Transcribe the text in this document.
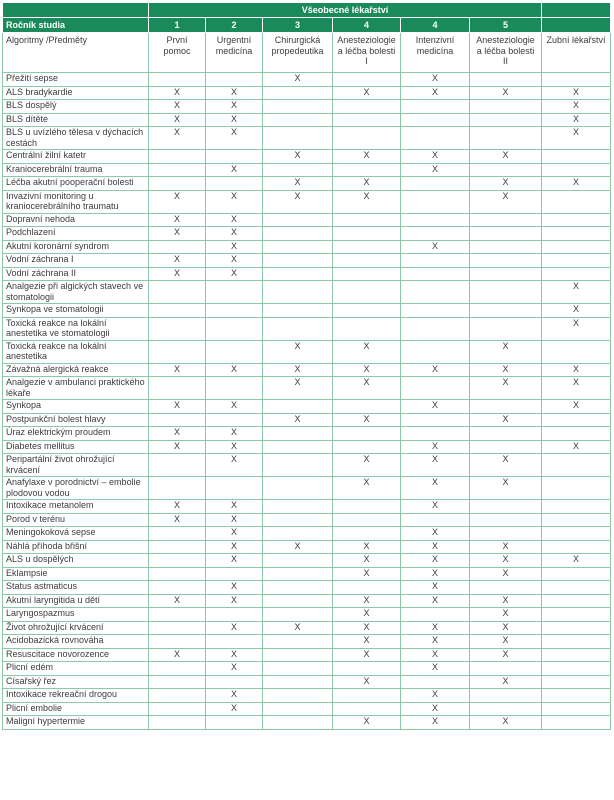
	Všeobecné lékařství						
Ročník studia	1	2	3	4	4	5	
Algoritmy /Předměty	První pomoc	Urgentní medicína	Chirurgická propedeutika	Anesteziologie a léčba bolesti I	Intenzivní medicína	Anesteziologie a léčba bolesti II	Zubní lékařství
Přežití sepse			X		X		
ALS bradykardie	X	X		X	X	X	X
BLS dospělý	X	X					X
BLS dítěte	X	X					X
BLS u uvízlého tělesa v dýchacích cestách	X	X					X
Centrální žilní katetr			X	X	X	X	
Kraniocerebrální trauma		X			X		
Léčba akutní pooperační bolesti			X	X		X	X
Invazivní monitoring u kraniocerebrálního traumatu	X	X	X	X		X	
Dopravní nehoda	X	X					
Podchlazení	X	X					
Akutní koronární syndrom		X			X		
Vodní záchrana I	X	X					
Vodní záchrana II	X	X					
Analgezie při algických stavech ve stomatologii							X
Synkopa ve stomatologii							X
Toxická reakce na lokální anestetika ve stomatologii							X
Toxická reakce na lokální anestetika			X	X		X	
Závažná alergická reakce	X	X	X	X	X	X	X
Analgezie v ambulanci praktického lékaře			X	X		X	X
Synkopa	X	X			X		X
Postpunkční bolest hlavy			X	X		X	
Úraz elektrickým proudem	X	X					
Diabetes mellitus	X	X			X		X
Peripartální život ohrožující krvácení		X		X	X	X	
Anafylaxe v porodnictví – embolie plodovou vodou				X	X	X	
Intoxikace metanolem	X	X			X		
Porod v terénu	X	X					
Meningokoková sepse		X			X		
Náhlá příhoda břišní		X	X	X	X	X	
ALS u dospělých		X		X	X	X	X
Eklampsie				X	X	X	
Status astmaticus		X			X		
Akutní laryngitida u dětí	X	X		X	X	X	
Laryngospazmus				X		X	
Život ohrožující krvácení		X	X	X	X	X	
Acidobazická rovnováha				X	X	X	
Resuscitace novorozence	X	X		X	X	X	
Plicní edém		X			X		
Císařský řez				X		X	
Intoxikace rekreační drogou		X			X		
Plicní embolie		X			X		
Maligní hypertermie				X	X	X	
